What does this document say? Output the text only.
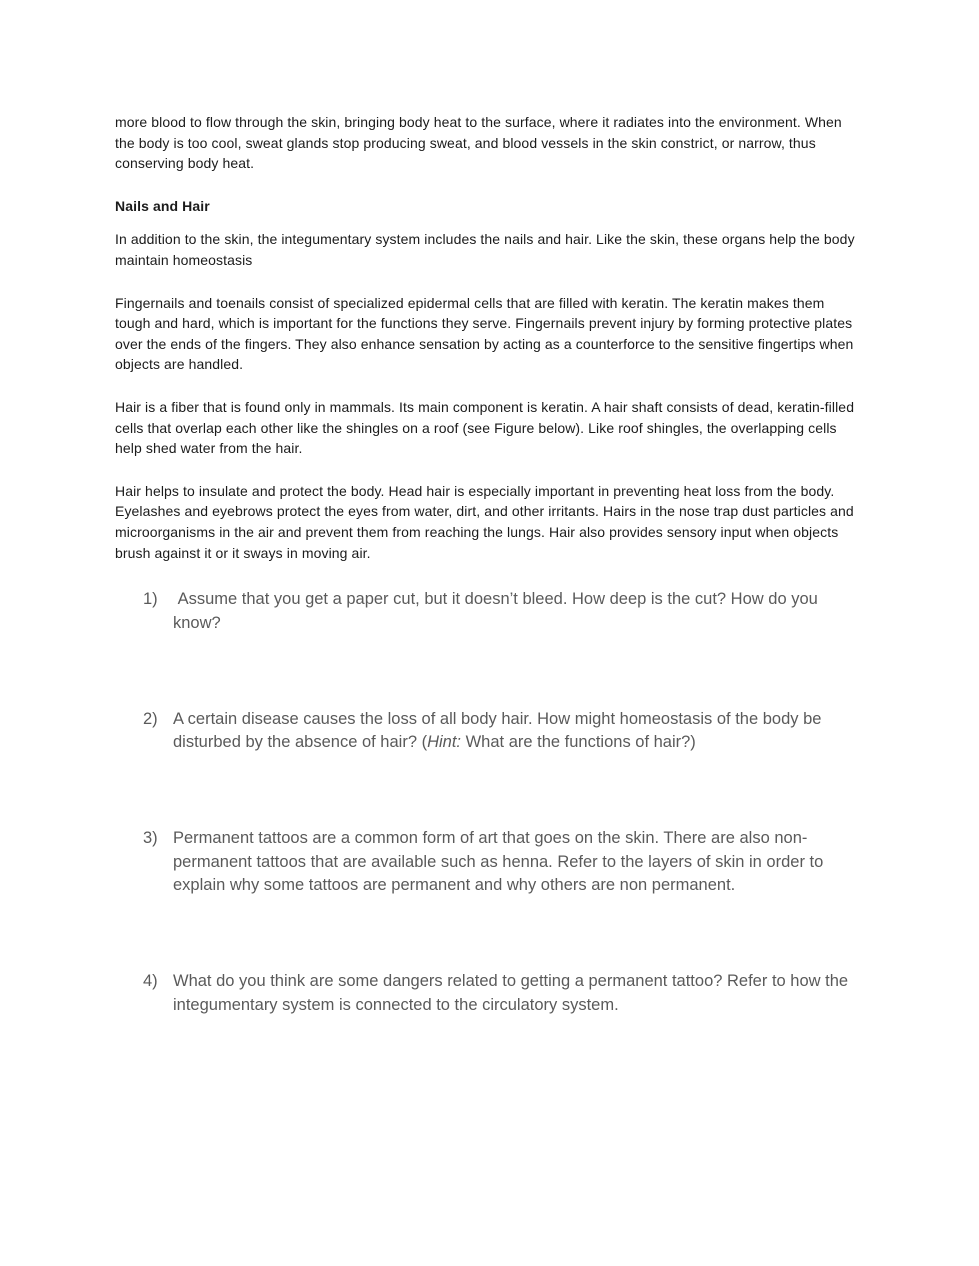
more blood to flow through the skin, bringing body heat to the surface, where it radiates into the environment. When the body is too cool, sweat glands stop producing sweat, and blood vessels in the skin constrict, or narrow, thus conserving body heat.

Nails and Hair

In addition to the skin, the integumentary system includes the nails and hair. Like the skin, these organs help the body maintain homeostasis

Fingernails and toenails consist of specialized epidermal cells that are filled with keratin. The keratin makes them tough and hard, which is important for the functions they serve. Fingernails prevent injury by forming protective plates over the ends of the fingers. They also enhance sensation by acting as a counterforce to the sensitive fingertips when objects are handled.

Hair is a fiber that is found only in mammals. Its main component is keratin. A hair shaft consists of dead, keratin-filled cells that overlap each other like the shingles on a roof (see Figure below). Like roof shingles, the overlapping cells help shed water from the hair.

Hair helps to insulate and protect the body. Head hair is especially important in preventing heat loss from the body. Eyelashes and eyebrows protect the eyes from water, dirt, and other irritants. Hairs in the nose trap dust particles and microorganisms in the air and prevent them from reaching the lungs. Hair also provides sensory input when objects brush against it or it sways in moving air.

1) Assume that you get a paper cut, but it doesn’t bleed. How deep is the cut? How do you know?
2) A certain disease causes the loss of all body hair. How might homeostasis of the body be disturbed by the absence of hair? (Hint: What are the functions of hair?)
3) Permanent tattoos are a common form of art that goes on the skin. There are also non-permanent tattoos that are available such as henna. Refer to the layers of skin in order to explain why some tattoos are permanent and why others are non permanent.
4) What do you think are some dangers related to getting a permanent tattoo? Refer to how the integumentary system is connected to the circulatory system.
